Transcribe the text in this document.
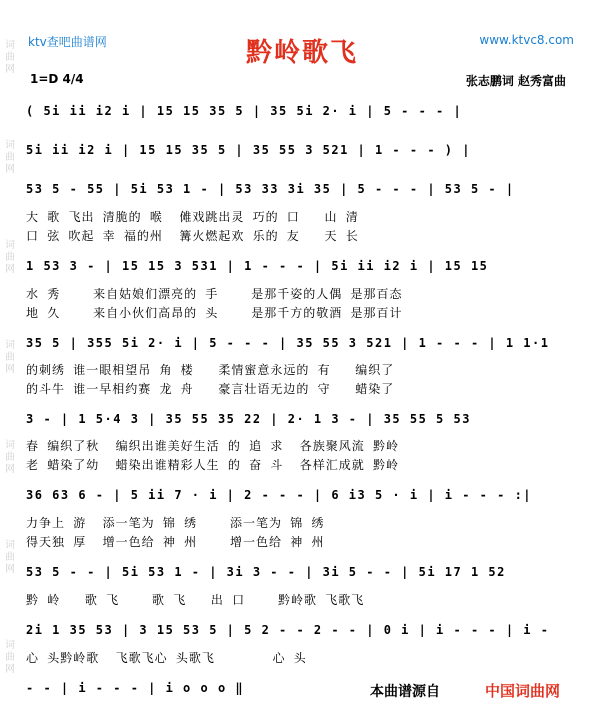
词 曲 网
词 曲 网
词 曲 网
词 曲 网
词 曲 网
词 曲 网
词 曲 网
ktv查吧曲谱网	黔岭歌飞	www.ktvc8.com
1=D 4/4	张志鹏词 赵秀富曲
( 5i ii i2 i | 15 15 35 5 | 35 5i 2· i | 5 - - - |
5i ii i2 i | 15 15 35 5 | 35 55 3 521 | 1 - - - ) |
53 5 - 55 | 5i 53 1 - | 53 33 3i 35 | 5 - - - | 53 5 - |
大 歌 飞出 清脆的 喉  傩戏跳出灵 巧的 口   山 清
口 弦 吹起 幸 福的州  篝火燃起欢 乐的 友   天 长
1 53 3 - | 15 15 3 531 | 1 - - - | 5i ii i2 i | 15 15
水 秀    来自姑娘们漂亮的 手    是那千姿的人偶 是那百态
地 久    来自小伙们高昂的 头    是那千方的敬酒 是那百计
35 5 | 355 5i 2· i | 5 - - - | 35 55 3 521 | 1 - - - | 1 1·1
的刺绣 谁一眼相望吊 角 楼   柔情蜜意永远的 有   编织了
的斗牛 谁一早相约赛 龙 舟   豪言壮语无边的 守   蜡染了
3 - | 1 5·4 3 | 35 55 35 22 | 2· 1 3 - | 35 55 5 53
春 编织了秋  编织出谁美好生活 的 追 求  各族聚风流 黔岭
老 蜡染了幼  蜡染出谁精彩人生 的 奋 斗  各样汇成就 黔岭
36 63 6 - | 5 ii 7 · i | 2 - - - | 6 i3 5 · i | i - - - :|
力争上 游  添一笔为 锦 绣    添一笔为 锦 绣
得天独 厚  增一色给 神 州    增一色给 神 州
53 5 - - | 5i 53 1 - | 3i 3 - - | 3i 5 - - | 5i 17 1 52
黔 岭   歌 飞    歌 飞   出 口    黔岭歌 飞歌飞
2i 1 35 53 | 3 15 53 5 | 5 2 - - 2 - - | 0 i | i - - - | i -
心 头黔岭歌  飞歌飞心 头歌飞       心 头
- - | i - - - | i o o o ‖	本曲谱源自	中国词曲网
